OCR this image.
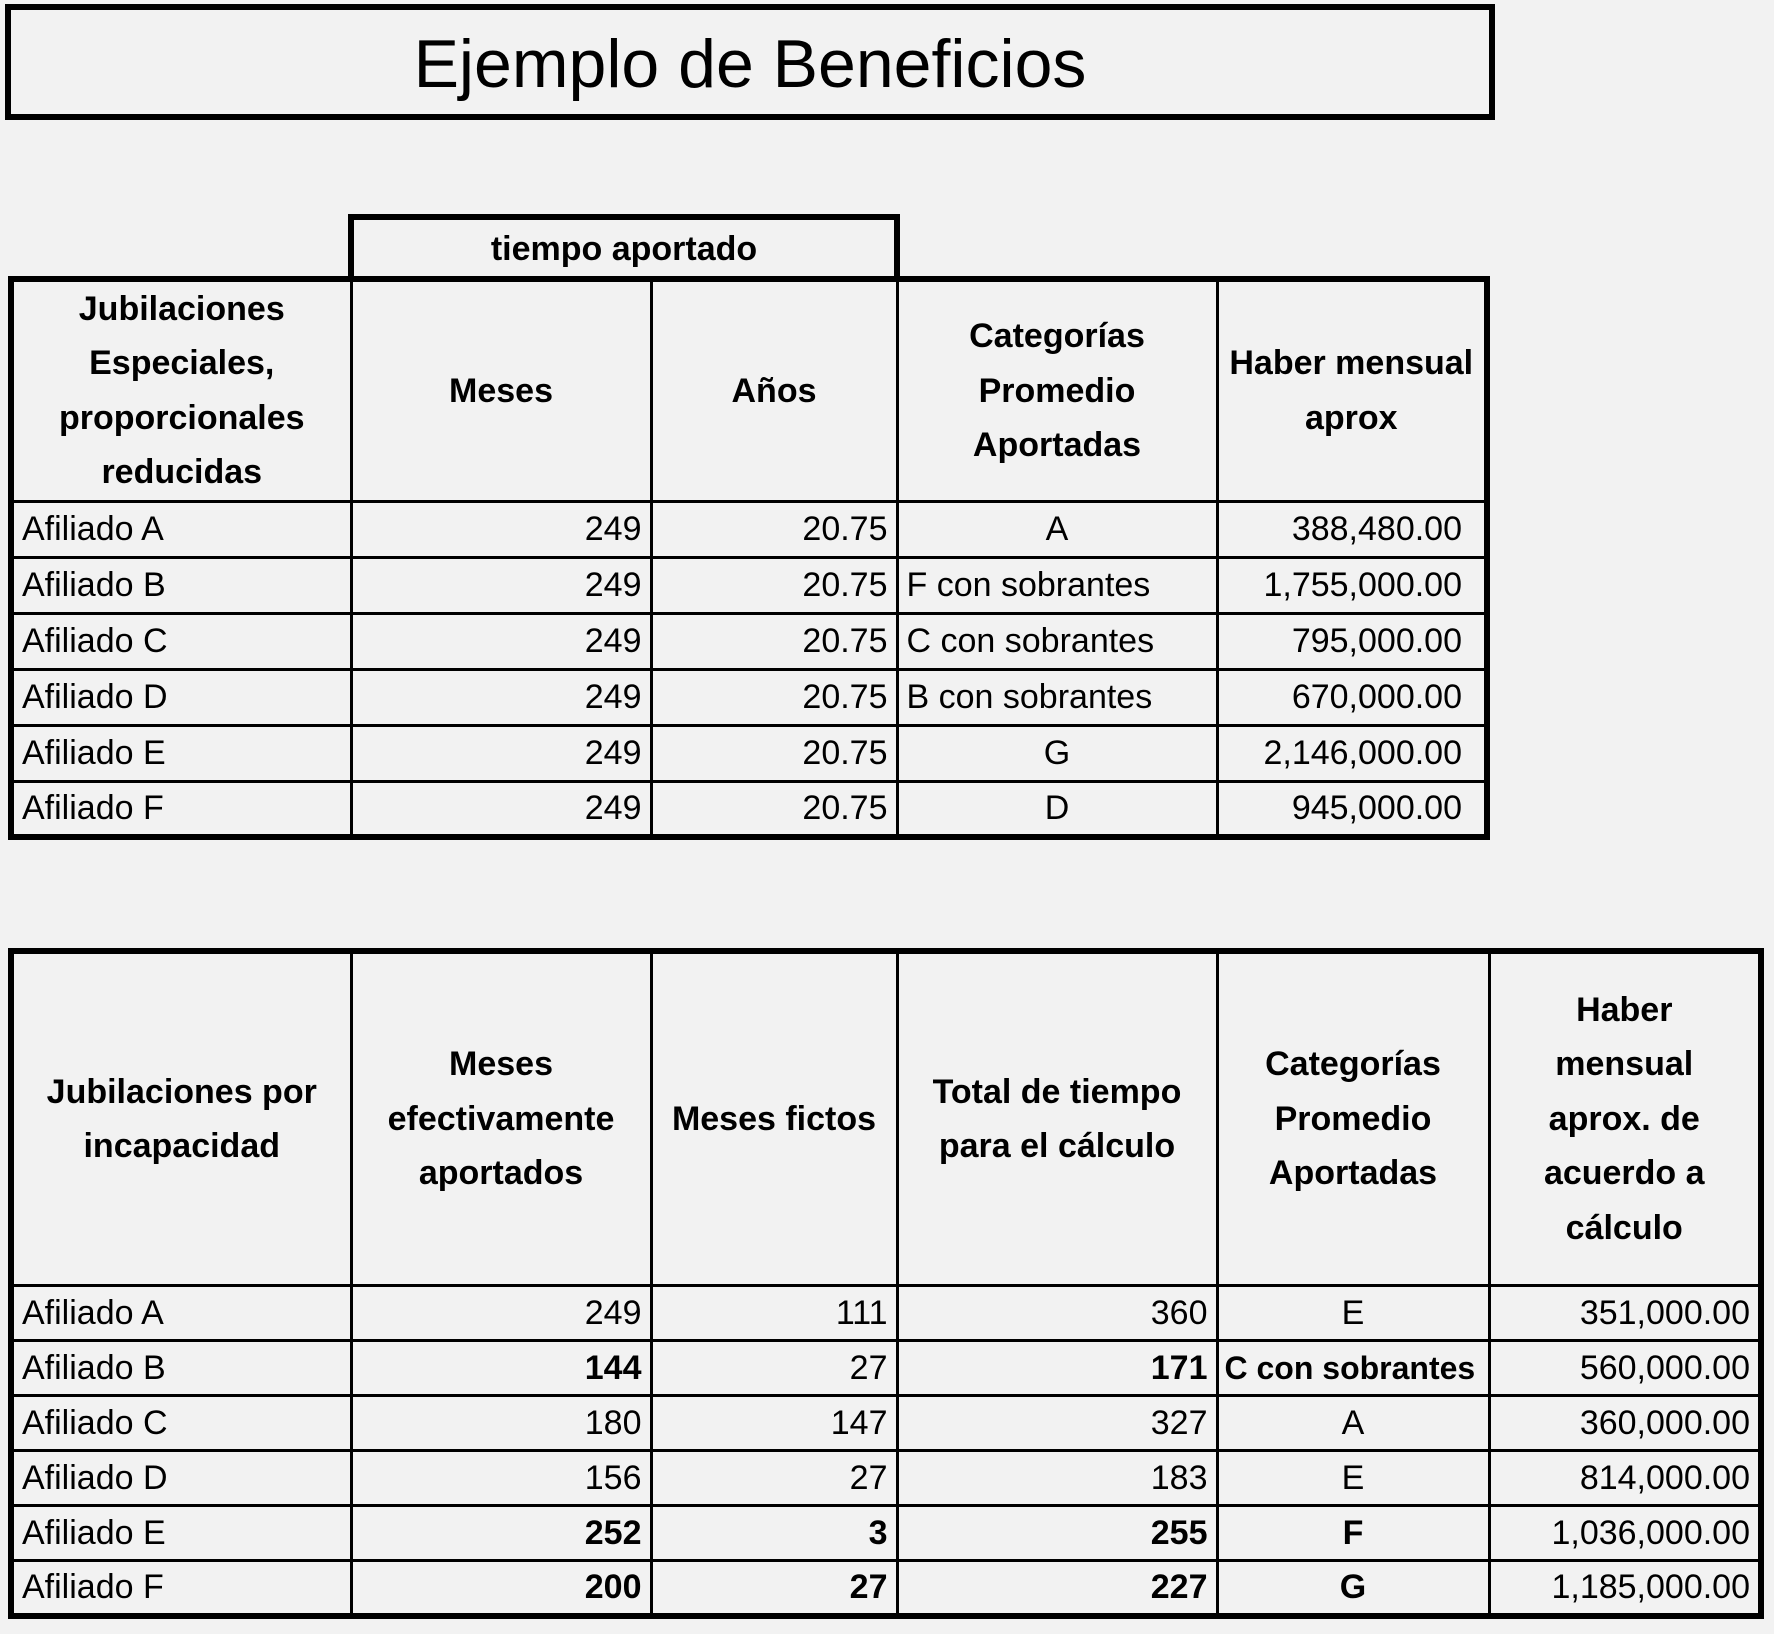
Ejemplo de Beneficios
tiempo aportado
Jubilaciones Especiales, proporcionales reducidas	Meses	Años	Categorías Promedio Aportadas	Haber mensual aprox
Afiliado A	249	20.75	A	388,480.00
Afiliado B	249	20.75	F con sobrantes	1,755,000.00
Afiliado C	249	20.75	C con sobrantes	795,000.00
Afiliado D	249	20.75	B con sobrantes	670,000.00
Afiliado E	249	20.75	G	2,146,000.00
Afiliado F	249	20.75	D	945,000.00
Jubilaciones por incapacidad	Meses efectivamente aportados	Meses fictos	Total de tiempo para el cálculo	Categorías Promedio Aportadas	Haber mensual aprox. de acuerdo a cálculo
Afiliado A	249	111	360	E	351,000.00
Afiliado B	144	27	171	C con sobrantes	560,000.00
Afiliado C	180	147	327	A	360,000.00
Afiliado D	156	27	183	E	814,000.00
Afiliado E	252	3	255	F	1,036,000.00
Afiliado F	200	27	227	G	1,185,000.00
